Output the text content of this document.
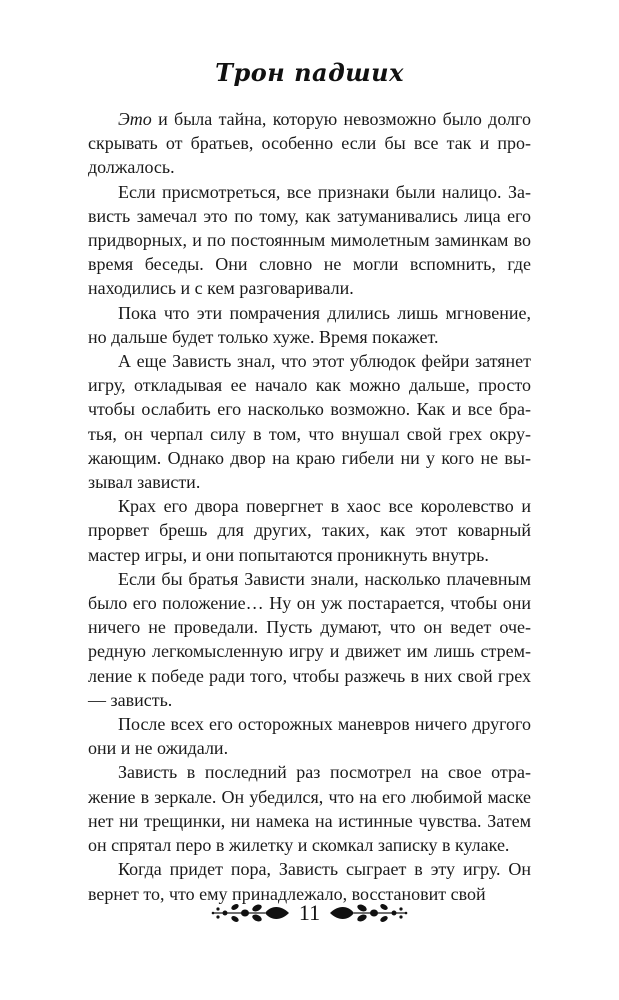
Трон падших

Это и была тайна, которую невозможно было долго скрывать от братьев, особенно если бы все так и продолжалось.

Если присмотреться, все признаки были налицо. Зависть замечал это по тому, как затуманивались лица его придворных, и по постоянным мимолетным заминкам во время беседы. Они словно не могли вспомнить, где находились и с кем разговаривали.

Пока что эти помрачения длились лишь мгновение, но дальше будет только хуже. Время покажет.

А еще Зависть знал, что этот ублюдок фейри затянет игру, откладывая ее начало как можно дальше, просто чтобы ослабить его насколько возможно. Как и все братья, он черпал силу в том, что внушал свой грех окружающим. Однако двор на краю гибели ни у кого не вызывал зависти.

Крах его двора повергнет в хаос все королевство и прорвет брешь для других, таких, как этот коварный мастер игры, и они попытаются проникнуть внутрь.

Если бы братья Зависти знали, насколько плачевным было его положение… Ну он уж постарается, чтобы они ничего не проведали. Пусть думают, что он ведет очередную легкомысленную игру и движет им лишь стремление к победе ради того, чтобы разжечь в них свой грех — зависть.

После всех его осторожных маневров ничего другого они и не ожидали.

Зависть в последний раз посмотрел на свое отражение в зеркале. Он убедился, что на его любимой маске нет ни трещинки, ни намека на истинные чувства. Затем он спрятал перо в жилетку и скомкал записку в кулаке.

Когда придет пора, Зависть сыграет в эту игру. Он вернет то, что ему принадлежало, восстановит свой

11
